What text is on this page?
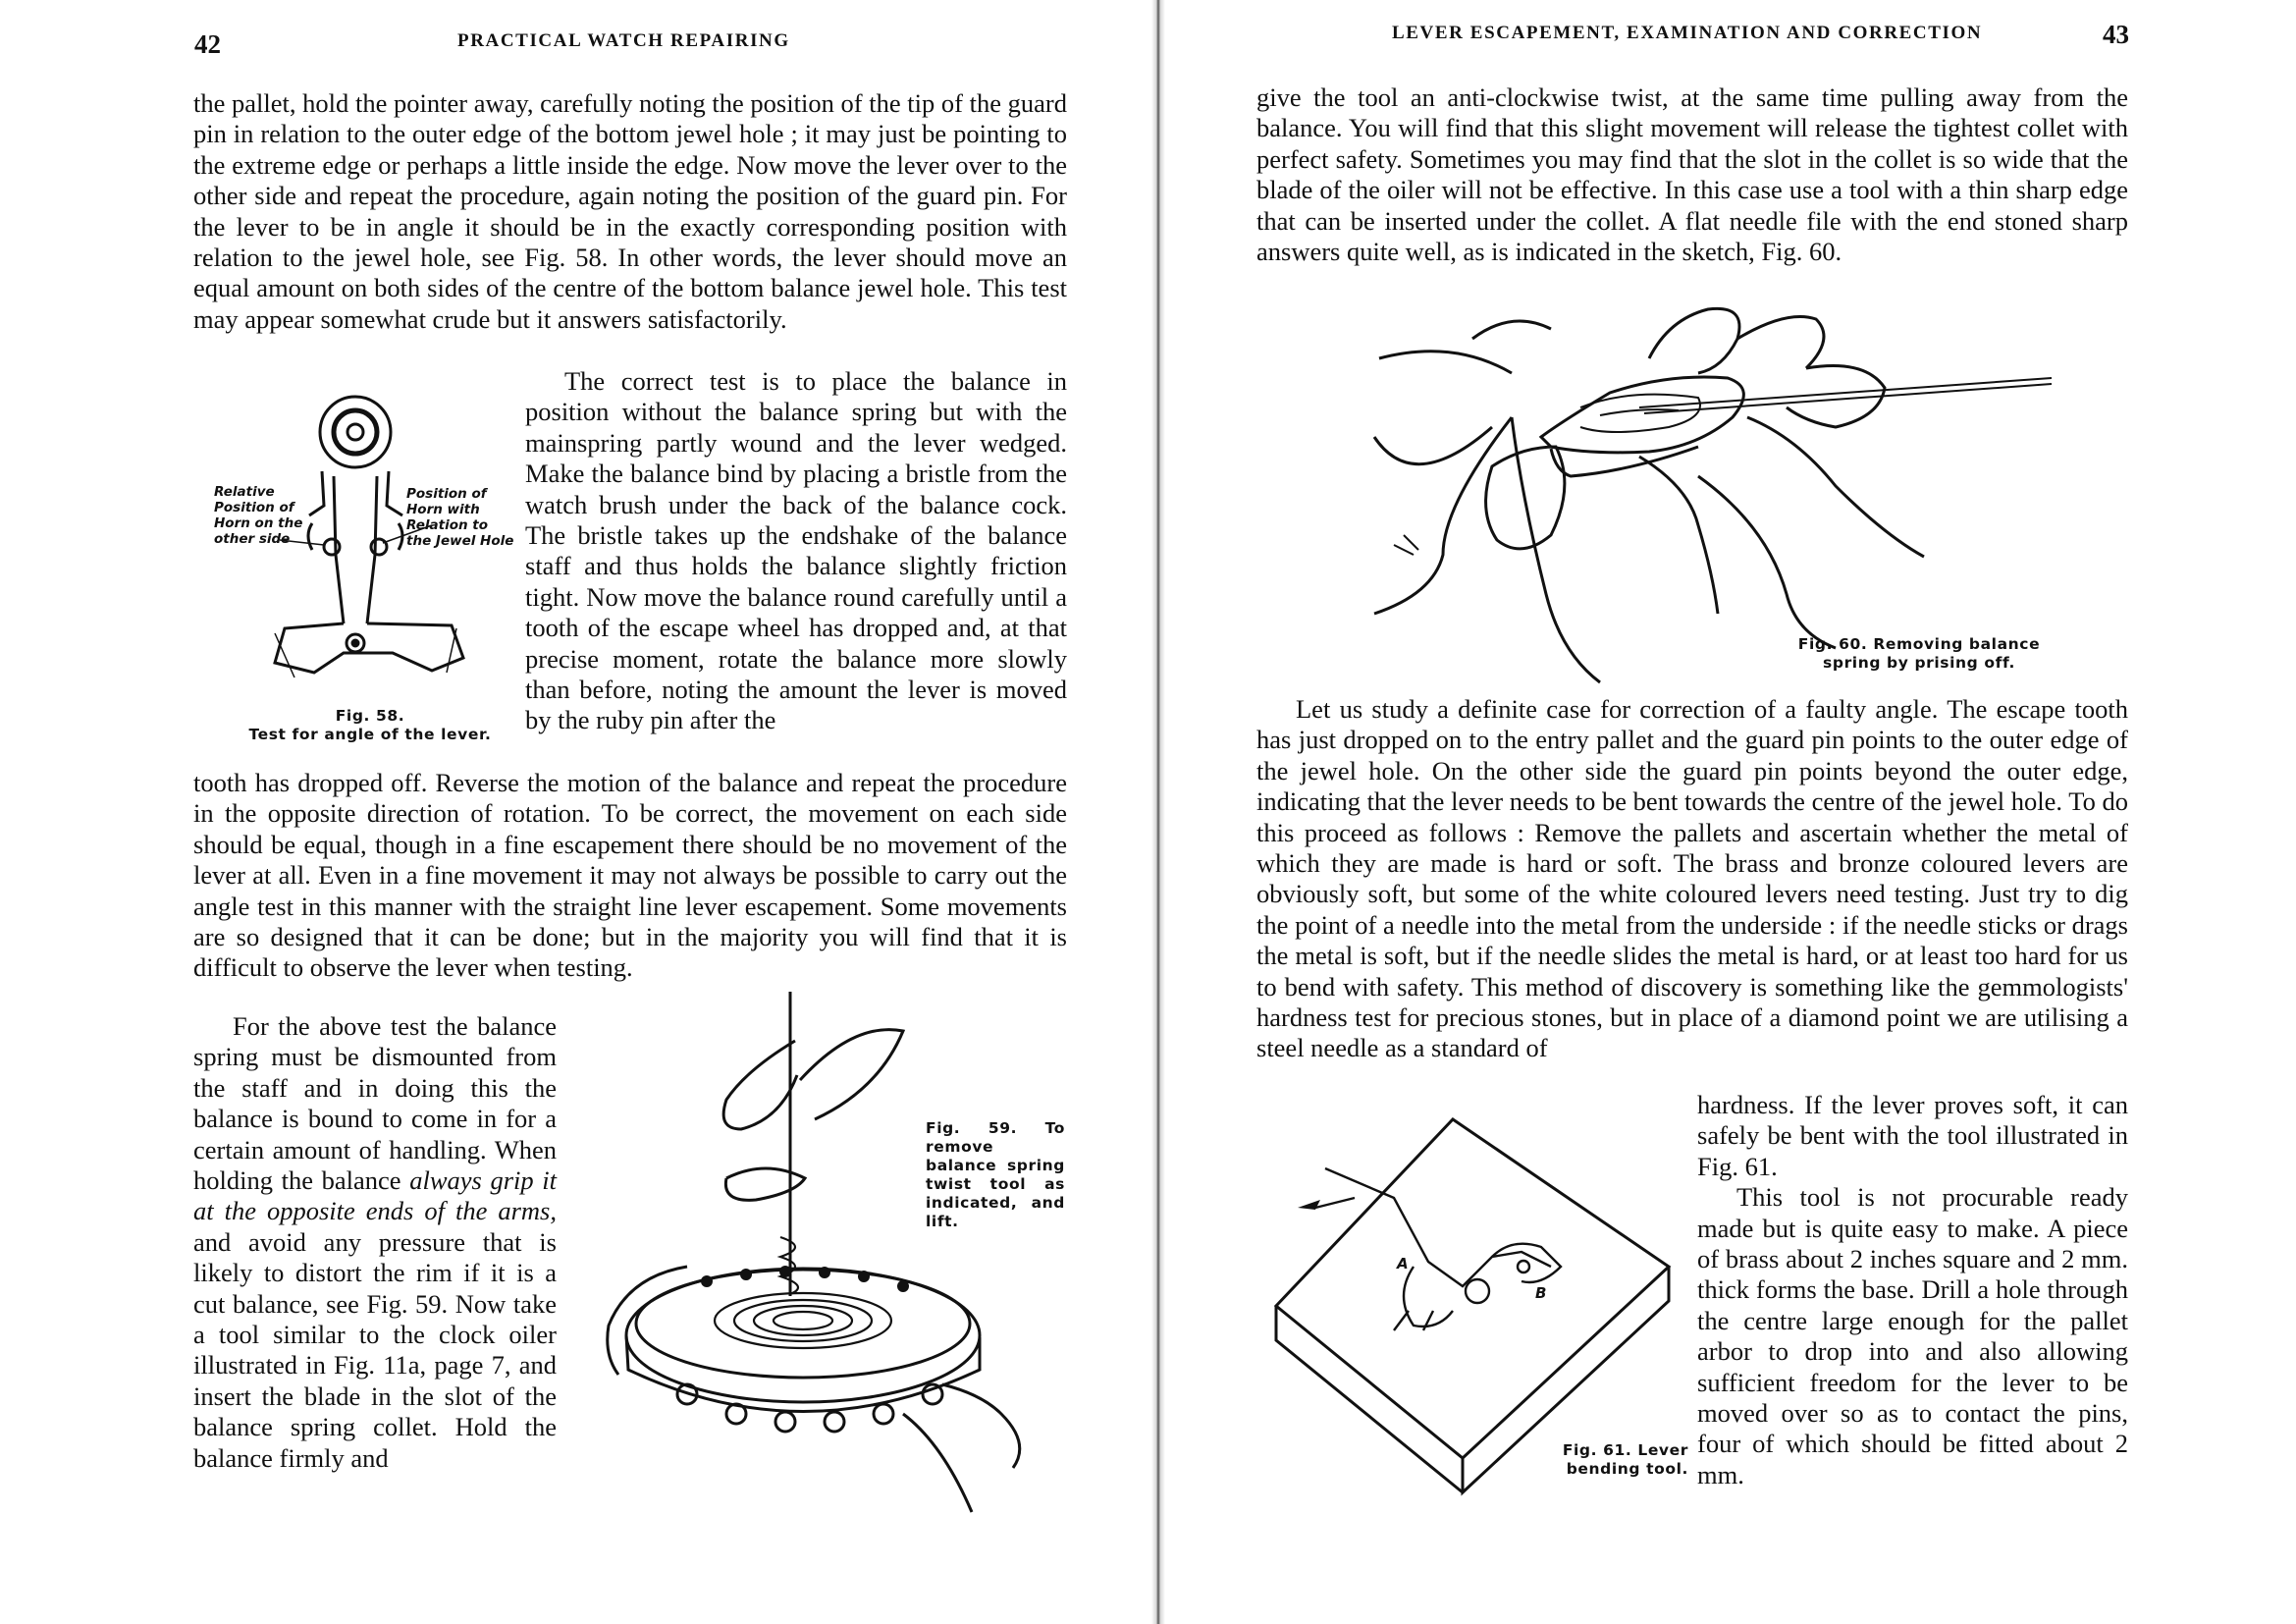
42	PRACTICAL WATCH REPAIRING

the pallet, hold the pointer away, carefully noting the position of the tip of the guard pin in relation to the outer edge of the bottom jewel hole ; it may just be pointing to the extreme edge or perhaps a little inside the edge. Now move the lever over to the other side and repeat the procedure, again noting the position of the guard pin. For the lever to be in angle it should be in the exactly corresponding position with relation to the jewel hole, see Fig. 58. In other words, the lever should move an equal amount on both sides of the centre of the bottom balance jewel hole. This test may appear somewhat crude but it answers satisfactorily.

Relative
Position of
Horn on the
other side
Position of
Horn with
Relation to
the Jewel Hole
Fig. 58.
Test for angle of the lever.

The correct test is to place the balance in position without the balance spring but with the mainspring partly wound and the lever wedged. Make the balance bind by placing a bristle from the watch brush under the back of the balance cock. The bristle takes up the endshake of the balance staff and thus holds the balance slightly friction tight. Now move the balance round carefully until a tooth of the escape wheel has dropped and, at that precise moment, rotate the balance more slowly than before, noting the amount the lever is moved by the ruby pin after the

tooth has dropped off. Reverse the motion of the balance and repeat the procedure in the opposite direction of rotation. To be correct, the movement on each side should be equal, though in a fine escapement there should be no movement of the lever at all. Even in a fine movement it may not always be possible to carry out the angle test in this manner with the straight line lever escapement. Some movements are so designed that it can be done; but in the majority you will find that it is difficult to observe the lever when testing.

For the above test the balance spring must be dismounted from the staff and in doing this the balance is bound to come in for a certain amount of handling. When holding the balance always grip it at the opposite ends of the arms, and avoid any pressure that is likely to distort the rim if it is a cut balance, see Fig. 59. Now take a tool similar to the clock oiler illustrated in Fig. 11a, page 7, and insert the blade in the slot of the balance spring collet. Hold the balance firmly and

Fig. 59. To remove balance spring twist tool as indicated, and lift.
LEVER ESCAPEMENT, EXAMINATION AND CORRECTION	43

give the tool an anti-clockwise twist, at the same time pulling away from the balance. You will find that this slight movement will release the tightest collet with perfect safety. Sometimes you may find that the slot in the collet is so wide that the blade of the oiler will not be effective. In this case use a tool with a thin sharp edge that can be inserted under the collet. A flat needle file with the end stoned sharp answers quite well, as is indicated in the sketch, Fig. 60.

Fig. 60. Removing balance
spring by prising off.

Let us study a definite case for correction of a faulty angle. The escape tooth has just dropped on to the entry pallet and the guard pin points to the outer edge of the jewel hole. On the other side the guard pin points beyond the outer edge, indicating that the lever needs to be bent towards the centre of the jewel hole. To do this proceed as follows : Remove the pallets and ascertain whether the metal of which they are made is hard or soft. The brass and bronze coloured levers are obviously soft, but some of the white coloured levers need testing. Just try to dig the point of a needle into the metal from the underside : if the needle sticks or drags the metal is soft, but if the needle slides the metal is hard, or at least too hard for us to bend with safety. This method of discovery is something like the gemmologists' hardness test for precious stones, but in place of a diamond point we are utilising a steel needle as a standard of

A
B
Fig. 61. Lever
bending tool.

hardness. If the lever proves soft, it can safely be bent with the tool illustrated in Fig. 61.

This tool is not procurable ready made but is quite easy to make. A piece of brass about 2 inches square and 2 mm. thick forms the base. Drill a hole through the centre large enough for the pallet arbor to drop into and also allowing sufficient freedom for the lever to be moved over so as to contact the pins, four of which should be fitted about 2 mm.
